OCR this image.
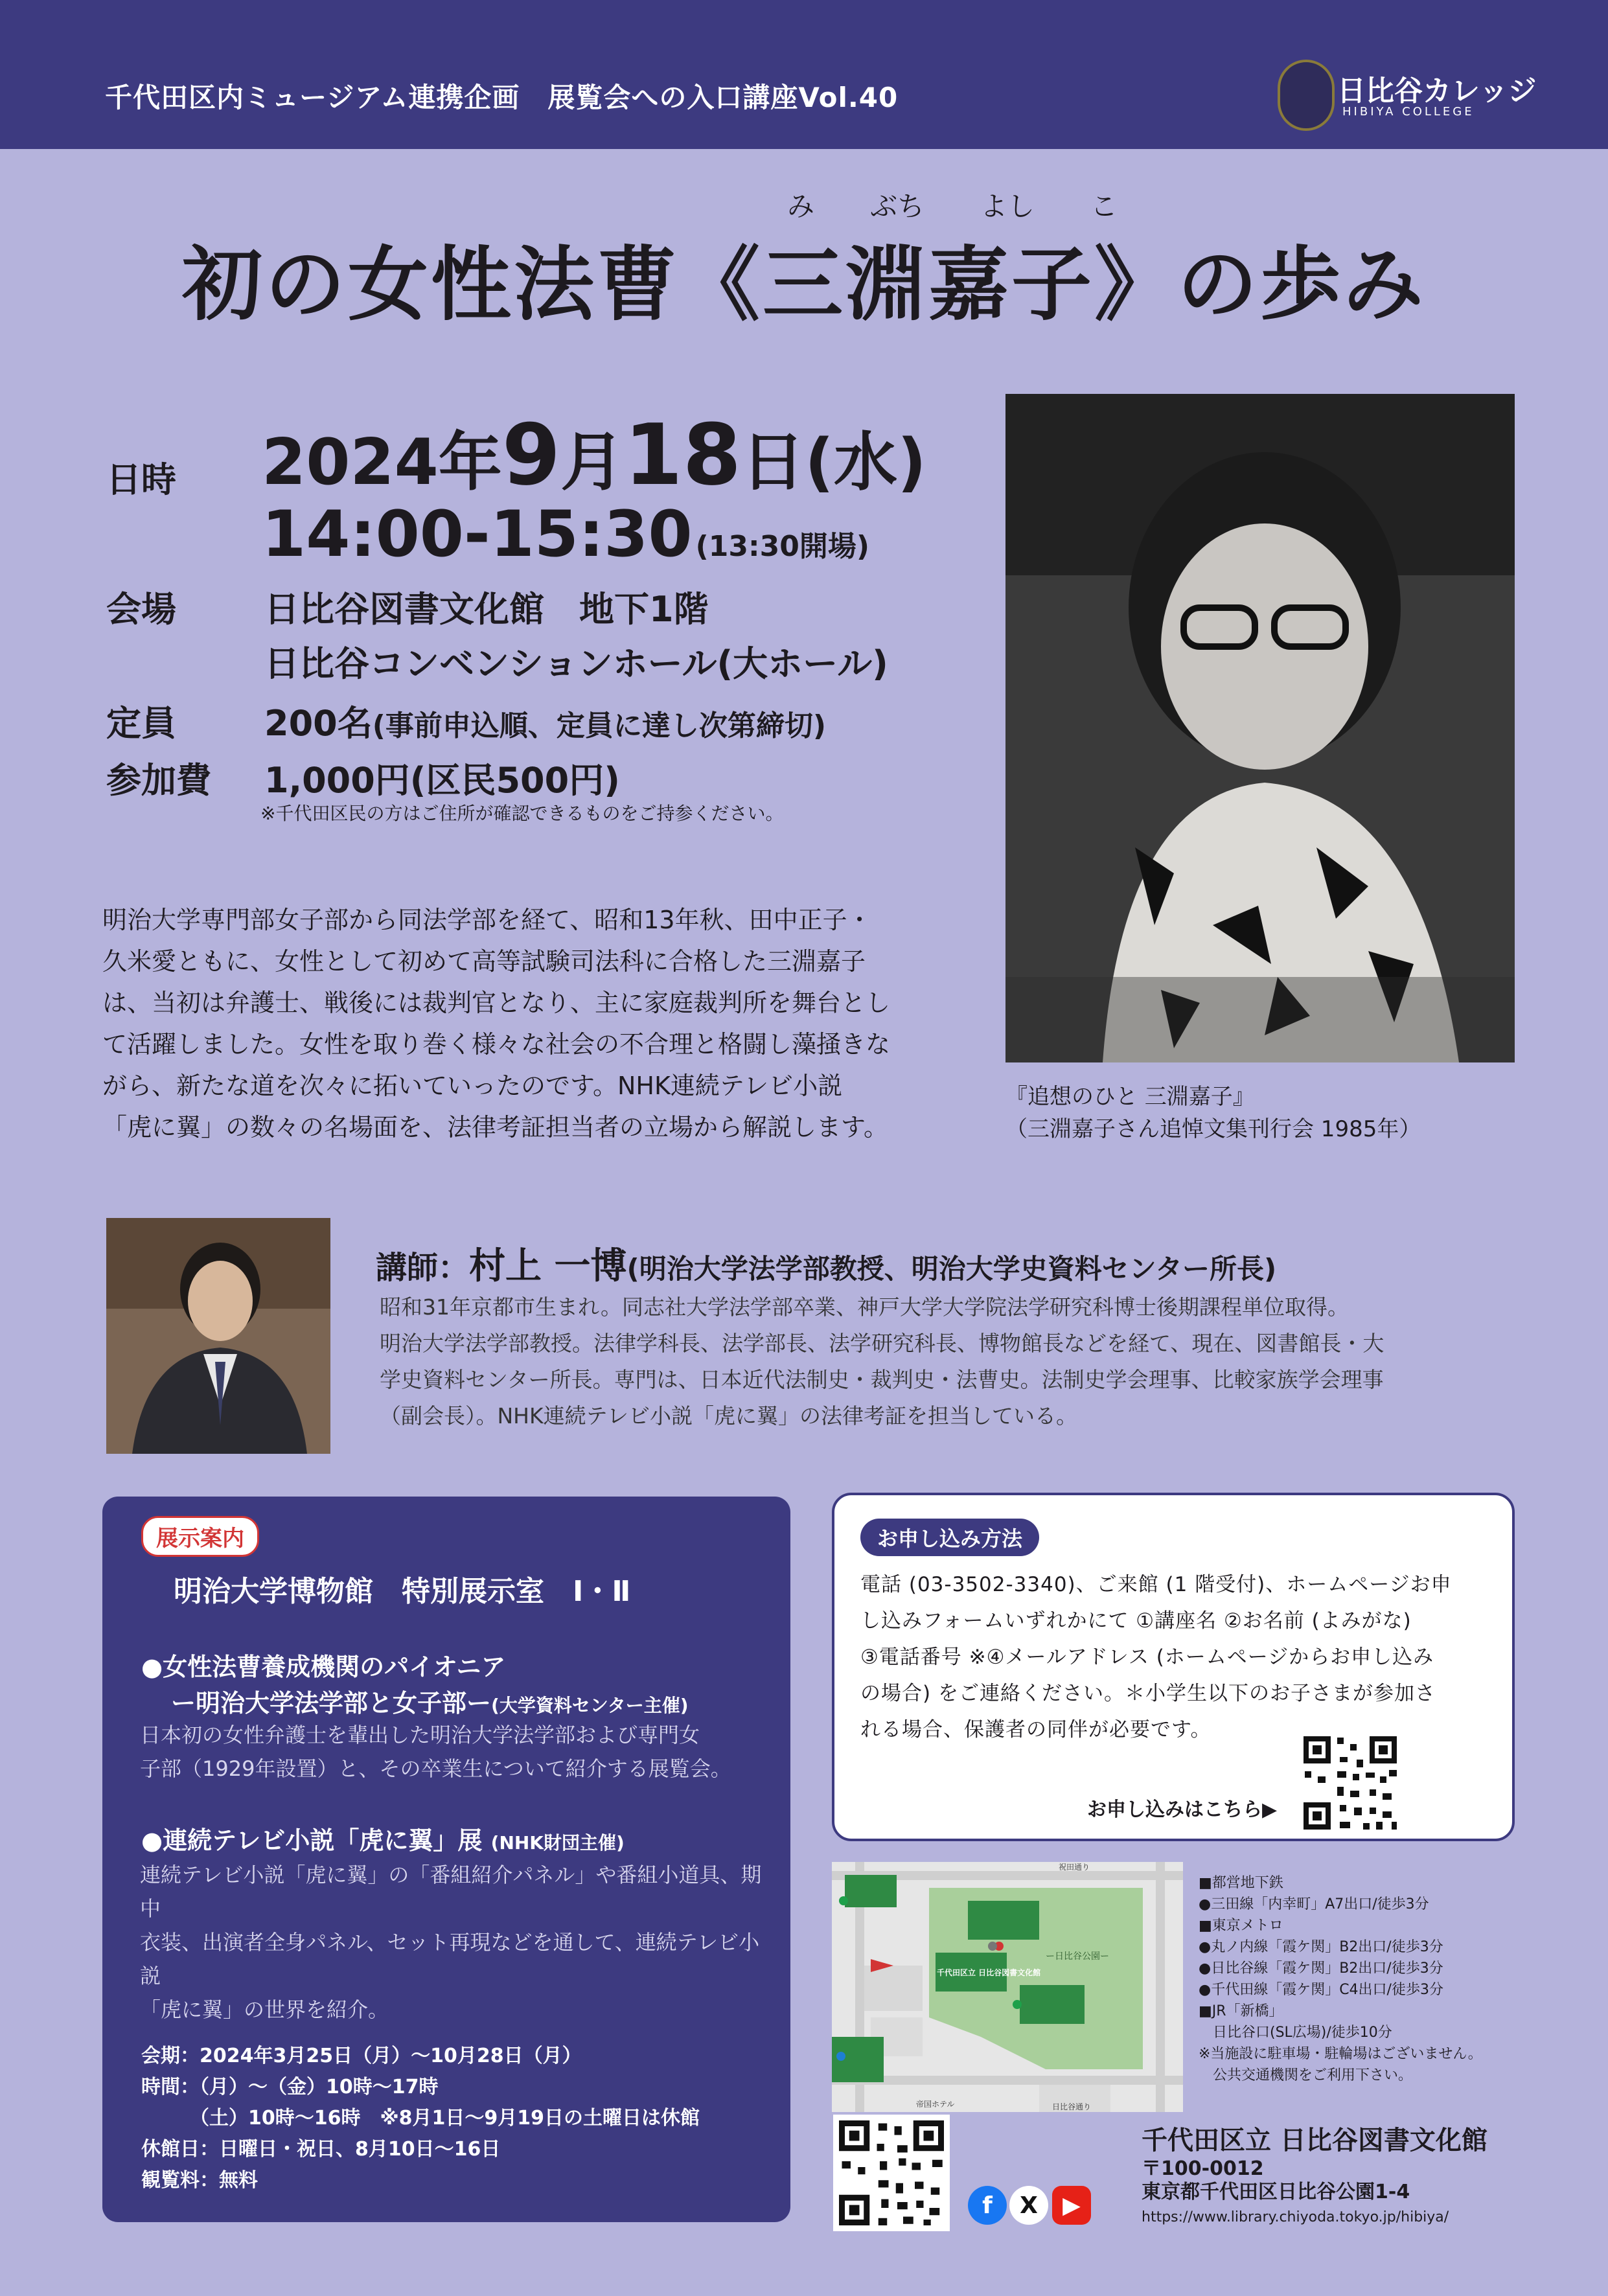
千代田区内ミュージアム連携企画　展覧会への入口講座Vol.40	日比谷カレッジ
HIBIYA COLLEGE
み ぶち よし こ
初の女性法曹《三淵嘉子》の歩み
日時 2024年9月18日(水)
14:00-15:30 (13:30開場)
会場	日比谷図書文化館　地下1階
日比谷コンベンションホール(大ホール)
定員	200名(事前申込順、定員に達し次第締切)
参加費 1,000円(区民500円)
※千代田区民の方はご住所が確認できるものをご持参ください。

明治大学専門部女子部から同法学部を経て、昭和13年秋、田中正子・

久米愛ともに、女性として初めて高等試験司法科に合格した三淵嘉子

は、当初は弁護士、戦後には裁判官となり、主に家庭裁判所を舞台とし

て活躍しました。女性を取り巻く様々な社会の不合理と格闘し藻掻きな

がら、新たな道を次々に拓いていったのです。NHK連続テレビ小説

「虎に翼」の数々の名場面を、法律考証担当者の立場から解説します。

『追想のひと 三淵嘉子』
（三淵嘉子さん追悼文集刊行会 1985年）
講師：村上 一博(明治大学法学部教授、明治大学史資料センター所長)
昭和31年京都市生まれ。同志社大学法学部卒業、神戸大学大学院法学研究科博士後期課程単位取得。
明治大学法学部教授。法律学科長、法学部長、法学研究科長、博物館長などを経て、現在、図書館長・大
学史資料センター所長。専門は、日本近代法制史・裁判史・法曹史。法制史学会理事、比較家族学会理事
（副会長）。NHK連続テレビ小説「虎に翼」の法律考証を担当している。
展示案内
明治大学博物館　特別展示室　Ⅰ・Ⅱ
●女性法曹養成機関のパイオニア
ー明治大学法学部と女子部ー(大学資料センター主催)
日本初の女性弁護士を輩出した明治大学法学部および専門女
子部（1929年設置）と、その卒業生について紹介する展覧会。
●連続テレビ小説「虎に翼」展 (NHK財団主催)
連続テレビ小説「虎に翼」の「番組紹介パネル」や番組小道具、期中
衣装、出演者全身パネル、セット再現などを通して、連続テレビ小説
「虎に翼」の世界を紹介。
会期：2024年3月25日（月）～10月28日（月）
時間：（月）～（金）10時～17時
　　　（土）10時～16時　※8月1日～9月19日の土曜日は休館
休館日：日曜日・祝日、8月10日～16日
観覧料：無料
お申し込み方法
電話 (03-3502-3340)、ご来館 (1 階受付)、ホームページお申
し込みフォームいずれかにて ①講座名 ②お名前 (よみがな)
③電話番号 ※④メールアドレス (ホームページからお申し込み
の場合) をご連絡ください。＊小学生以下のお子さまが参加さ
れる場合、保護者の同伴が必要です。
お申し込みはこちら▶
祝田通り
ー日比谷公園ー
日比谷通り
帝国ホテル
千代田区立 日比谷図書文化館
■都営地下鉄
●三田線「内幸町」A7出口/徒歩3分
■東京メトロ
●丸ノ内線「霞ケ関」B2出口/徒歩3分
●日比谷線「霞ケ関」B2出口/徒歩3分
●千代田線「霞ケ関」C4出口/徒歩3分
■JR「新橋」
　日比谷口(SL広場)/徒歩10分
※当施設に駐車場・駐輪場はございません。
　公共交通機関をご利用下さい。
f	X	▶
千代田区立 日比谷図書文化館
〒100-0012
東京都千代田区日比谷公園1-4
https://www.library.chiyoda.tokyo.jp/hibiya/
